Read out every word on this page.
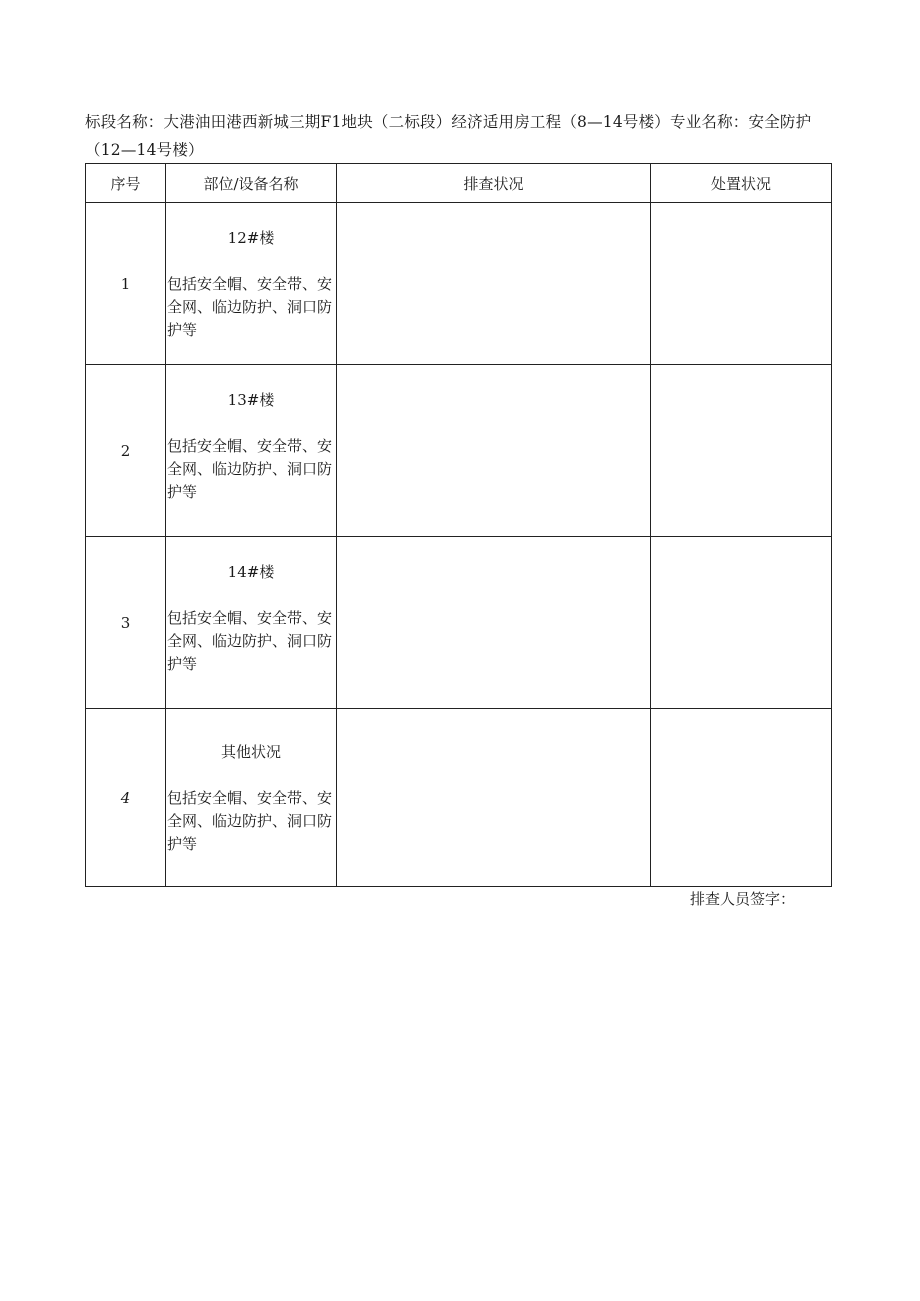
标段名称：大港油田港西新城三期F1地块（二标段）经济适用房工程（8—14号楼）专业名称：安全防护（12—14号楼）
序号	部位/设备名称	排查状况	处置状况
1	12#楼
包括安全帽、安全带、安全网、临边防护、洞口防护等		

2	13#楼
包括安全帽、安全带、安全网、临边防护、洞口防护等		

3	14#楼
包括安全帽、安全带、安全网、临边防护、洞口防护等		

4	其他状况
包括安全帽、安全带、安全网、临边防护、洞口防护等		

排查人员签字：
